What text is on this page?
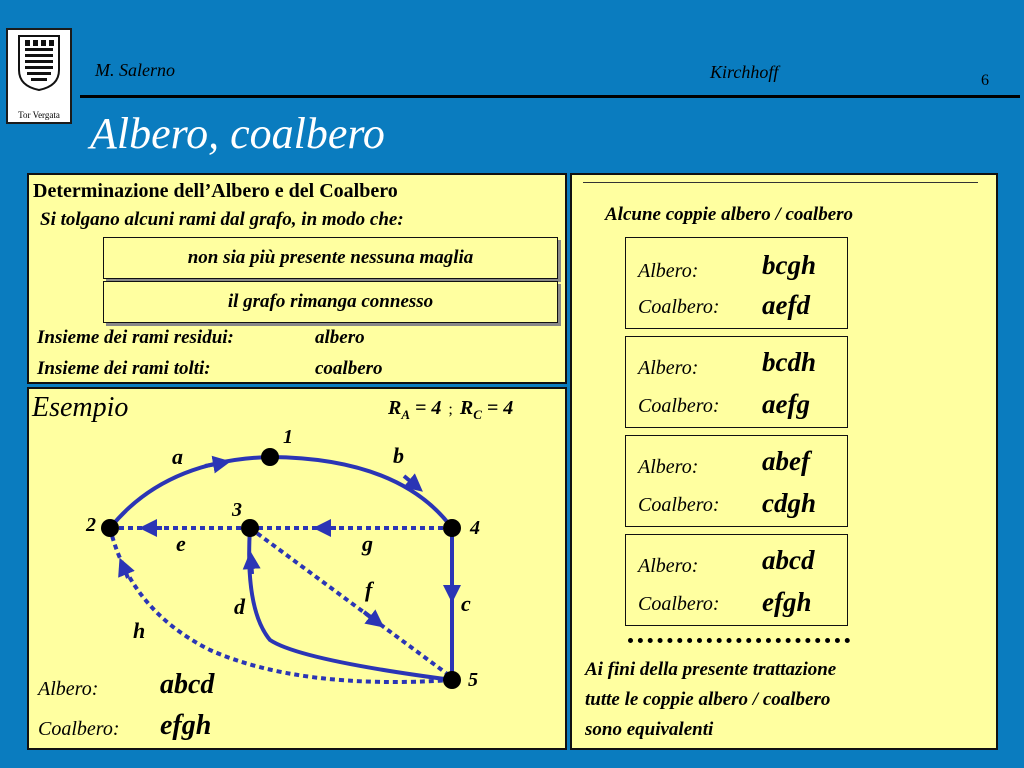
Tor Vergata
M. Salerno	Kirchhoff	6
Albero, coalbero
Determinazione dell’Albero e del Coalbero
Si tolgano alcuni rami dal grafo, in modo che:
non sia più presente nessuna maglia
il grafo rimanga connesso
Insieme dei rami residui:	albero
Insieme dei rami tolti:	coalbero
Esempio	$R_A = 4$ ; $R_C = 4$
1
2
3
4
5
a	b
c
d
e
f
g
h
Albero: abcd
Coalbero: efgh
Alcune coppie albero / coalbero
Albero: bcgh
Coalbero: aefd
Albero: bcdh
Coalbero: aefg
Albero: abef
Coalbero: cdgh
Albero: abcd
Coalbero: efgh
Ai fini della presente trattazione
tutte le coppie albero / coalbero
sono equivalenti
